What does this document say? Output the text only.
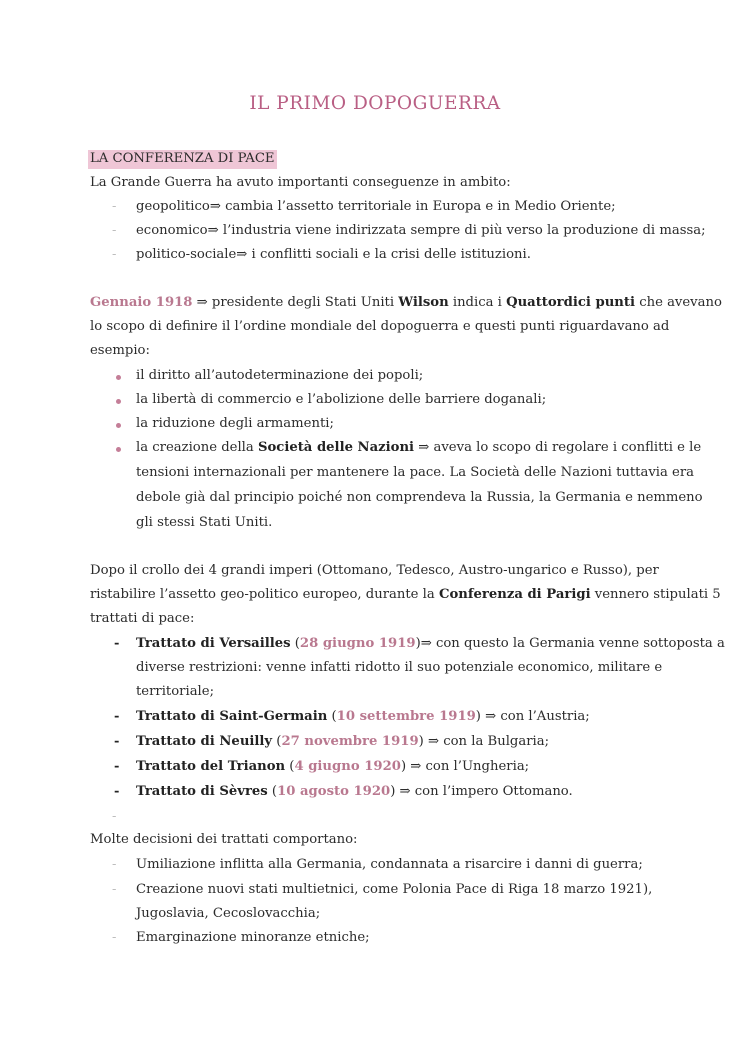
IL PRIMO DOPOGUERRA
LA CONFERENZA DI PACE
La Grande Guerra ha avuto importanti conseguenze in ambito:
- geopolitico⇒ cambia l’assetto territoriale in Europa e in Medio Oriente;
- economico⇒ l’industria viene indirizzata sempre di più verso la produzione di massa;
- politico-sociale⇒ i conflitti sociali e la crisi delle istituzioni.
Gennaio 1918 ⇒ presidente degli Stati Uniti Wilson indica i Quattordici punti che avevano
lo scopo di definire il l’ordine mondiale del dopoguerra e questi punti riguardavano ad
esempio:
il diritto all’autodeterminazione dei popoli;
la libertà di commercio e l’abolizione delle barriere doganali;
la riduzione degli armamenti;
la creazione della Società delle Nazioni ⇒ aveva lo scopo di regolare i conflitti e le
tensioni internazionali per mantenere la pace. La Società delle Nazioni tuttavia era
debole già dal principio poiché non comprendeva la Russia, la Germania e nemmeno
gli stessi Stati Uniti.
Dopo il crollo dei 4 grandi imperi (Ottomano, Tedesco, Austro-ungarico e Russo), per
ristabilire l’assetto geo-politico europeo, durante la Conferenza di Parigi vennero stipulati 5
trattati di pace:
- Trattato di Versailles (28 giugno 1919)⇒ con questo la Germania venne sottoposta a
diverse restrizioni: venne infatti ridotto il suo potenziale economico, militare e
territoriale;
- Trattato di Saint-Germain (10 settembre 1919) ⇒ con l’Austria;
- Trattato di Neuilly (27 novembre 1919) ⇒ con la Bulgaria;
- Trattato del Trianon (4 giugno 1920) ⇒ con l’Ungheria;
- Trattato di Sèvres (10 agosto 1920) ⇒ con l’impero Ottomano.
-
Molte decisioni dei trattati comportano:
- Umiliazione inflitta alla Germania, condannata a risarcire i danni di guerra;
- Creazione nuovi stati multietnici, come Polonia Pace di Riga 18 marzo 1921),
Jugoslavia, Cecoslovacchia;
- Emarginazione minoranze etniche;
